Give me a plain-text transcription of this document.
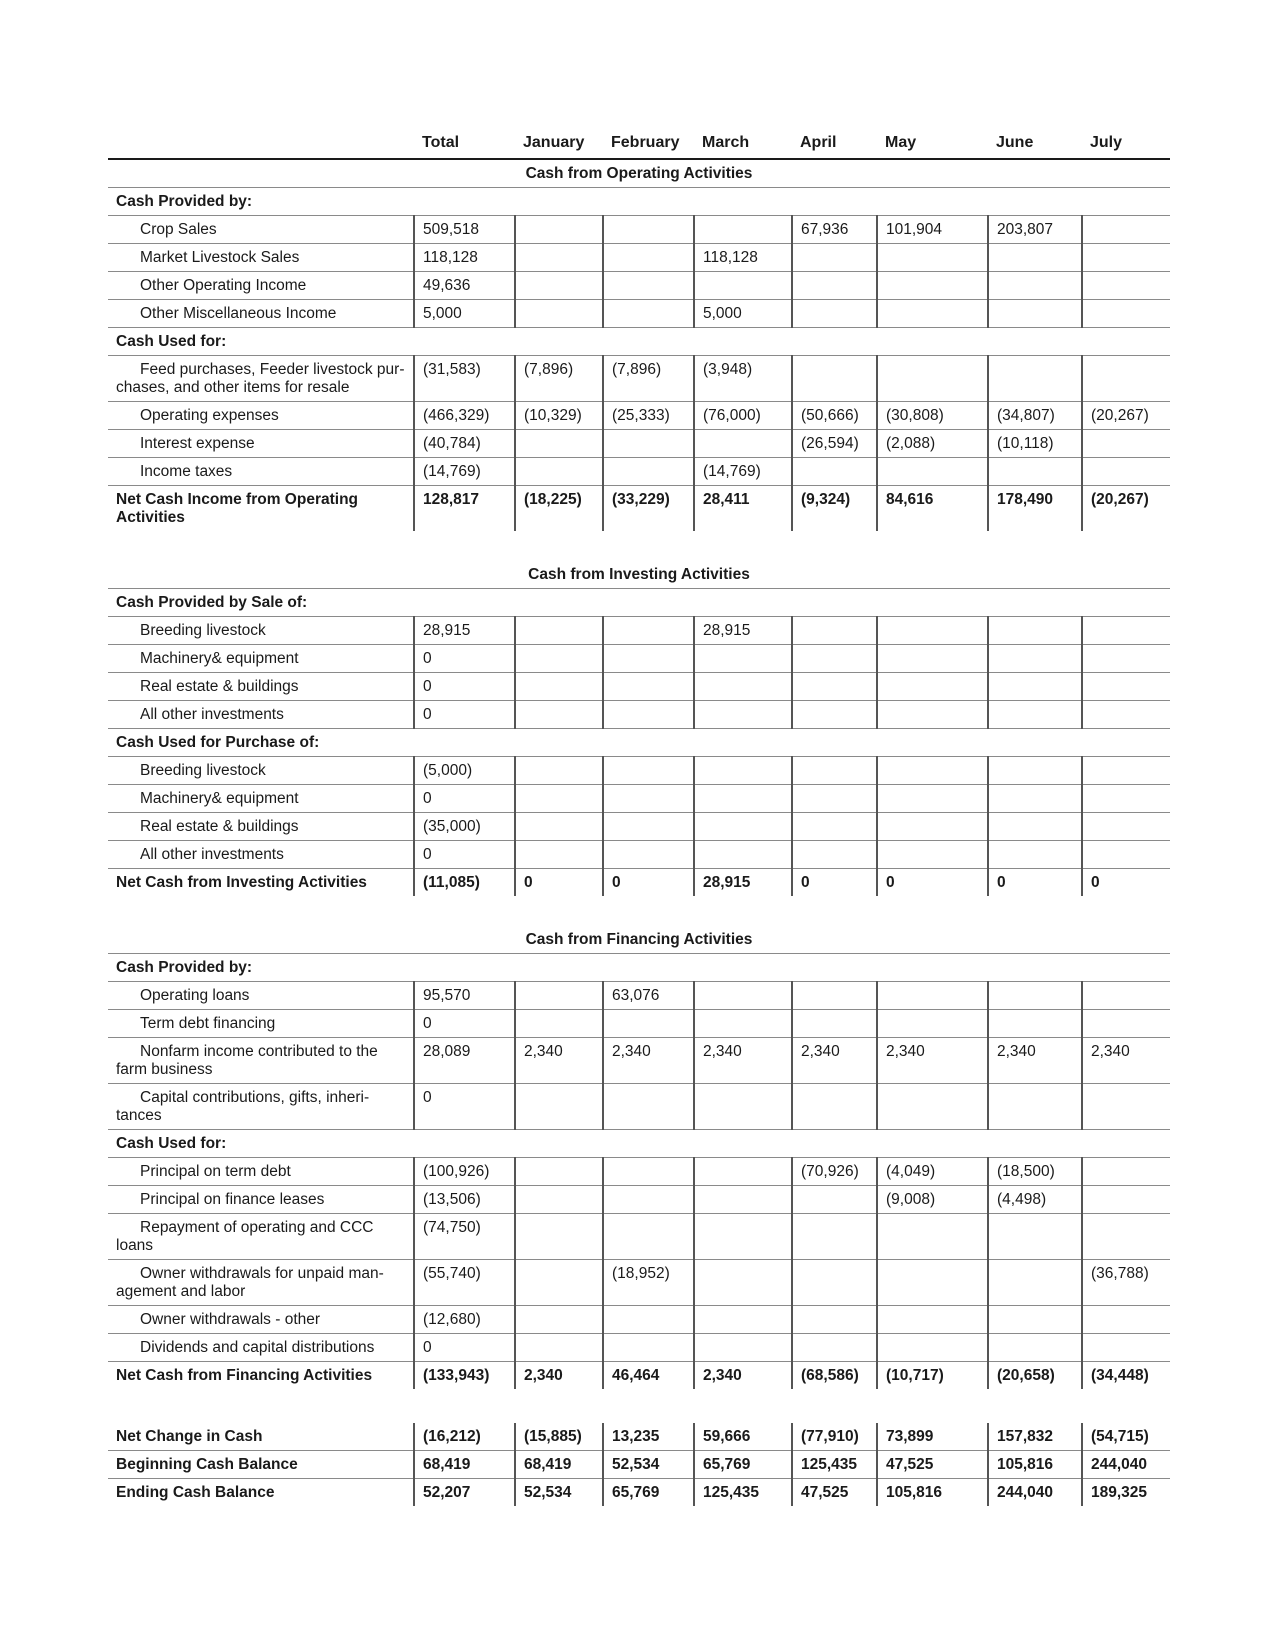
	Total	January	February	March	April	May	June	July
Cash from Operating Activities								
Cash Provided by:								
Crop Sales	509,518				67,936	101,904	203,807	
Market Livestock Sales	118,128			118,128				
Other Operating Income	49,636							
Other Miscellaneous Income	5,000			5,000				
Cash Used for:								
Feed purchases, Feeder livestock pur-chases, and other items for resale	(31,583)	(7,896)	(7,896)	(3,948)				
Operating expenses	(466,329)	(10,329)	(25,333)	(76,000)	(50,666)	(30,808)	(34,807)	(20,267)
Interest expense	(40,784)				(26,594)	(2,088)	(10,118)	
Income taxes	(14,769)			(14,769)				
Net Cash Income from Operating Activities	128,817	(18,225)	(33,229)	28,411	(9,324)	84,616	178,490	(20,267)

Cash from Investing Activities								
Cash Provided by Sale of:								
Breeding livestock	28,915			28,915				
Machinery& equipment	0							
Real estate & buildings	0							
All other investments	0							
Cash Used for Purchase of:								
Breeding livestock	(5,000)							
Machinery& equipment	0							
Real estate & buildings	(35,000)							
All other investments	0							
Net Cash from Investing Activities	(11,085)	0	0	28,915	0	0	0	0

Cash from Financing Activities								
Cash Provided by:								
Operating loans	95,570		63,076					
Term debt financing	0							
Nonfarm income contributed to the farm business	28,089	2,340	2,340	2,340	2,340	2,340	2,340	2,340
Capital contributions, gifts, inheri-tances	0							
Cash Used for:								
Principal on term debt	(100,926)				(70,926)	(4,049)	(18,500)	
Principal on finance leases	(13,506)					(9,008)	(4,498)	
Repayment of operating and CCC loans	(74,750)							
Owner withdrawals for unpaid man-agement and labor	(55,740)		(18,952)					(36,788)
Owner withdrawals - other	(12,680)							
Dividends and capital distributions	0							
Net Cash from Financing Activities	(133,943)	2,340	46,464	2,340	(68,586)	(10,717)	(20,658)	(34,448)

Net Change in Cash	(16,212)	(15,885)	13,235	59,666	(77,910)	73,899	157,832	(54,715)
Beginning Cash Balance	68,419	68,419	52,534	65,769	125,435	47,525	105,816	244,040
Ending Cash Balance	52,207	52,534	65,769	125,435	47,525	105,816	244,040	189,325
